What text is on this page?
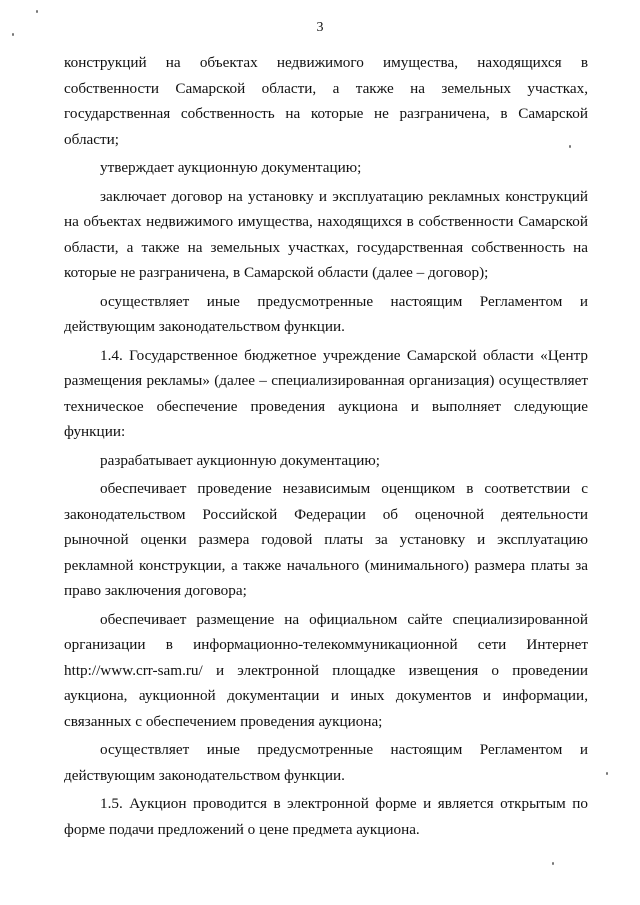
3

конструкций на объектах недвижимого имущества, находящихся в собственности Самарской области, а также на земельных участках, государственная собственность на которые не разграничена, в Самарской области;

утверждает аукционную документацию;

заключает договор на установку и эксплуатацию рекламных конструкций на объектах недвижимого имущества, находящихся в собственности Самарской области, а также на земельных участках, государственная собственность на которые не разграничена, в Самарской области (далее – договор);

осуществляет иные предусмотренные настоящим Регламентом и действующим законодательством функции.

1.4. Государственное бюджетное учреждение Самарской области «Центр размещения рекламы» (далее – специализированная организация) осуществляет техническое обеспечение проведения аукциона и выполняет следующие функции:

разрабатывает аукционную документацию;

обеспечивает проведение независимым оценщиком в соответствии с законодательством Российской Федерации об оценочной деятельности рыночной оценки размера годовой платы за установку и эксплуатацию рекламной конструкции, а также начального (минимального) размера платы за право заключения договора;

обеспечивает размещение на официальном сайте специализированной организации в информационно-телекоммуникационной сети Интернет http://www.crr-sam.ru/ и электронной площадке извещения о проведении аукциона, аукционной документации и иных документов и информации, связанных с обеспечением проведения аукциона;

осуществляет иные предусмотренные настоящим Регламентом и действующим законодательством функции.

1.5. Аукцион проводится в электронной форме и является открытым по форме подачи предложений о цене предмета аукциона.
